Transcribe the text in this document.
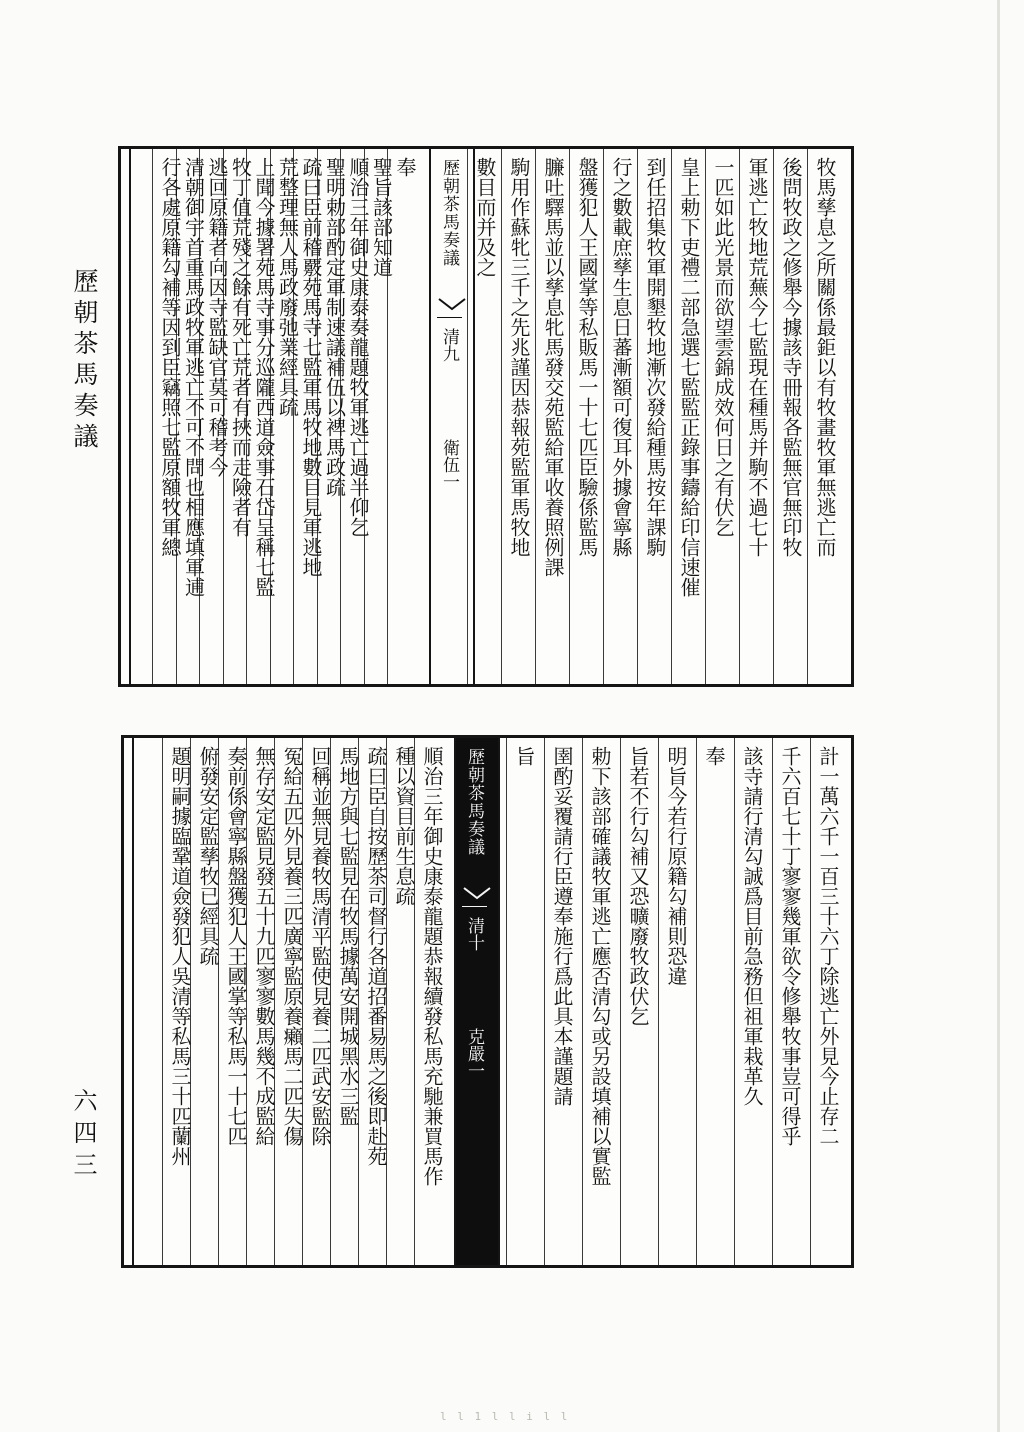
歷朝茶馬奏議
六四三
牧馬孳息之所關係最鉅以有牧畫牧軍無逃亡而
後問牧政之修舉今據該寺冊報各監無官無印牧
軍逃亡牧地荒蕪今七監現在種馬并駒不過七十
一匹如此光景而欲望雲錦成效何日之有伏乞
皇上勅下吏禮二部急選七監監正錄事鑄給印信速催
到任招集牧軍開墾牧地漸次發給種馬按年課駒
行之數載庶孳生息日蕃漸額可復耳外據會寧縣
盤獲犯人王國掌等私販馬一十七匹臣驗係監馬
臁吐驛馬並以孳息牝馬發交苑監給軍收養照例課
駒用作蘇牝三千之先兆謹因恭報苑監軍馬牧地
數目而并及之
歷朝茶馬奏議
清九
衛伍一
奉
聖旨該部知道
順治三年御史康泰奏龍題牧軍逃亡過半仰乞
聖明勅部酌定軍制速議補伍以裨馬政疏
疏曰臣前稽覈苑馬寺七監軍馬牧地數目見軍逃地
荒整理無人馬政廢弛業經具疏
上聞今據署苑馬寺事分巡隴西道僉事石岱呈稱七監
牧丁值荒殘之餘有死亡荒者有挾而走險者有
逃回原籍者向因寺監缺官莫可稽考今
清朝御宇首重馬政牧軍逃亡不可不問也相應填軍逋
行各處原籍勾補等因到臣竊照七監原額牧軍總
計一萬六千一百三十六丁除逃亡外見今止存二
千六百七十丁寥寥幾軍欲令修舉牧事豈可得乎
該寺請行清勾誠爲目前急務但祖軍栽革久
奉
明旨今若行原籍勾補則恐違
旨若不行勾補又恐曠廢牧政伏乞
勅下該部確議牧軍逃亡應否清勾或另設填補以實監
圉酌妥覆請行臣遵奉施行爲此具本謹題請
旨
歷朝茶馬奏議
清十
克嚴一
順治三年御史康泰龍題恭報續發私馬充馳兼買馬作
種以資目前生息疏
疏曰臣自按歷茶司督行各道招番易馬之後即赴苑
馬地方與七監見在牧馬據萬安開城黑水三監
回稱並無見養牧馬清平監使見養二匹武安監除
冤給五匹外見養三匹廣寧監原養癩馬二匹失傷
無存安定監見發五十九匹寥寥數馬幾不成監給
奏前係會寧縣盤獲犯人王國掌等私馬一十七匹
俯發安定監孳牧已經具疏
題明嗣據臨鞏道僉發犯人吳清等私馬三十匹蘭州
l l 1 l l i l l
